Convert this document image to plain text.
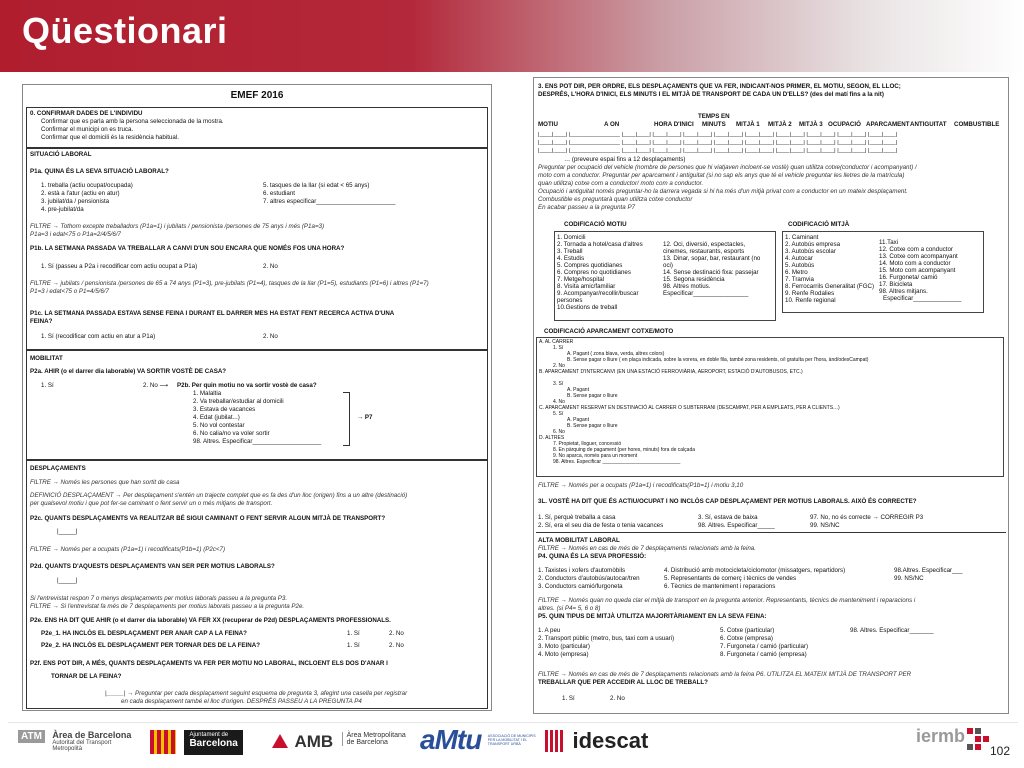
Qüestionari
EMEF 2016
0. CONFIRMAR DADES DE L'INDIVIDU
Confirmar que es parla amb la persona seleccionada de la mostra.
Confirmar el municipi on es truca.
Confirmar que el domicili és la residència habitual.
SITUACIÓ LABORAL
P1a. QUINA ÉS LA SEVA SITUACIÓ LABORAL?
1. treballa (actiu ocupat/ocupada)
2. està a l'atur (actiu en atur)
3. jubilat/da / pensionista
4. pre-jubilat/da
5. tasques de la llar (si edat < 65 anys)
6. estudiant
7. altres especificar_______________________
FILTRE → Tothom excepte treballadors (P1a=1) i jubilats / pensionista /persones de 75 anys i més (P1a=3)
P1a=3 i edat<75 o P1a=2/4/5/6/7
P1b. LA SETMANA PASSADA VA TREBALLAR A CANVI D'UN SOU ENCARA QUE NOMÉS FOS UNA HORA?
1. Sí (passeu a P2a i recodificar com actiu ocupat a P1a)	2. No
FILTRE → jubilats / pensionista /persones de 65 a 74 anys (P1=3), pre-jubilats (P1=4), tasques de la llar (P1=5), estudiants (P1=6) i altres (P1=7)
P1=3 i edat<75 o P1=4/5/6/7
P1c. LA SETMANA PASSADA ESTAVA SENSE FEINA I DURANT EL DARRER MES HA ESTAT FENT RECERCA ACTIVA D'UNA
FEINA?
1. Sí (recodificar com actiu en atur a P1a)	2. No
MOBILITAT
P2a. AHIR (o el darrer dia laborable) VA SORTIR VOSTÈ DE CASA?
1. Sí	2. No ⟶ P2b. Per quin motiu no va sortir vostè de casa?
1. Malaltia
2. Va treballar/estudiar al domicili
3. Estava de vacances
4. Edat (jubilat...)
5. No vol contestar
6. No calia/no va voler sortir
98. Altres. Especificar____________________
→ P7
DESPLAÇAMENTS
FILTRE → Només les persones que han sortit de casa
DEFINICIÓ DESPLAÇAMENT → Per desplaçament s'entén un trajecte complet que es fa des d'un lloc (origen) fins a un altre (destinació)
per qualsevol motiu i que pot fer-se caminant o fent servir un o més mitjans de transport.
P2c. QUANTS DESPLAÇAMENTS VA REALITZAR BÉ SIGUI CAMINANT O FENT SERVIR ALGUN MITJÀ DE TRANSPORT?
|_____|
FILTRE → Només per a ocupats (P1a=1) i recodificats(P1b=1) (P2c<7)
P2d. QUANTS D'AQUESTS DESPLAÇAMENTS VAN SER PER MOTIUS LABORALS?
|_____|
Si l'entrevistat respon 7 o menys desplaçaments per motius laborals passeu a la pregunta P3.
FILTRE → Si l'entrevistat fa més de 7 desplaçaments per motius laborals passeu a la pregunta P2e.
P2e. ENS HA DIT QUE AHIR (o el darrer dia laborable) VA FER XX (recuperar de P2d) DESPLAÇAMENTS PROFESSIONALS.
P2e_1. HA INCLÒS EL DESPLAÇAMENT PER ANAR CAP A LA FEINA?	1. Sí	2. No
P2e_2. HA INCLÒS EL DESPLAÇAMENT PER TORNAR DES DE LA FEINA?	1. Sí	2. No
P2f. ENS POT DIR, A MÉS, QUANTS DESPLAÇAMENTS VA FER PER MOTIU NO LABORAL, INCLOENT ELS DOS D'ANAR I
TORNAR DE LA FEINA?
|_____| → Preguntar per cada desplaçament seguint esquema de pregunta 3, afegint una casella per registrar
en cada desplaçament també el lloc d'origen. DESPRÉS PASSEU A LA PREGUNTA P4
3. ENS POT DIR, PER ORDRE, ELS DESPLAÇAMENTS QUE VA FER, INDICANT-NOS PRIMER, EL MOTIU, SEGON, EL LLOC;
DESPRÉS, L'HORA D'INICI, ELS MINUTS I EL MITJÀ DE TRANSPORT DE CADA UN D'ELLS? (des del matí fins a la nit)
TEMPS EN
MOTIU	A ON	HORA D'INICI MINUTS MITJÀ 1 MITJÀ 2 MITJÀ 3 OCUPACIÓ APARCAMENT ANTIGUITAT COMBUSTIBLE
|____|____| |________________ |____|____| |____|____| |____|____| |____|____| |____|____| |____|____| |____|____| |____|____| |____|____|
|____|____| |________________ |____|____| |____|____| |____|____| |____|____| |____|____| |____|____| |____|____| |____|____| |____|____|
|____|____| |________________ |____|____| |____|____| |____|____| |____|____| |____|____| |____|____| |____|____| |____|____| |____|____|
… (preveure espai fins a 12 desplaçaments)
Preguntar per ocupació del vehicle (nombre de persones que hi viatjaven incloent-se vostè) quan utilitza cotxe(conductor i acompanyant) /
moto com a conductor. Preguntar per aparcament i antiguitat (si no sap els anys que té el vehicle preguntar les lletres de la matrícula)
quan utilitza) cotxe com a conductor/ moto com a conductor.
Ocupació i antiguitat només preguntar-ho la darrera vegada si hi ha més d'un mitjà privat com a conductor en un mateix desplaçament.
Combustible es preguntarà quan utilitza cotxe conductor
En acabar passeu a la pregunta P7
CODIFICACIÓ MOTIU
1. Domicili
2. Tornada a hotel/casa d'altres
3. Treball
4. Estudis
5. Compres quotidianes
6. Compres no quotidianes
7. Metge/hospital
8. Visita amic/familiar
9. Acompanyar/recollir/buscar
persones
10.Gestions de treball
12. Oci, diversió, espectacles,
cinemes, restaurants, esports
13. Dinar, sopar, bar, restaurant (no
oci)
14. Sense destinació fixa: passejar
15. Segona residència
98. Altres motius.
Especificar________________
CODIFICACIÓ MITJÀ
1. Caminant
2. Autobús empresa
3. Autobús escolar
4. Autocar
5. Autobús
6. Metro
7. Tramvia
8. Ferrocarrils Generalitat (FGC)
9. Renfe Rodalies
10. Renfe regional
11.Taxi
12. Cotxe com a conductor
13. Cotxe com acompanyant
14. Moto com a conductor
15. Moto com acompanyant
16. Furgoneta/ camió
17. Bicicleta
98. Altres mitjans.
Especificar______________
CODIFICACIÓ APARCAMENT COTXE/MOTO
A. AL CARRER
1. Sí
A. Pagant ( zona blava, verda, altres colors)
B. Sense pagar o lliure ( en plaça indicada, sobre la vorera, en doble fila, també zona residents, o/i gratuïta per l'hora, ànd/odesCampat)
2. No
B. APARCAMENT D'INTERCANVI (EN UNA ESTACIÓ FERROVIÀRIA, AEROPORT, ESTACIÓ D'AUTOBUSOS, ETC.)
3. Sí
A. Pagant
B. Sense pagar o lliure
4. No
C. APARCAMENT RESERVAT EN DESTINACIÓ AL CARRER O SUBTERRANI (DESCAMPAT, PER A EMPLEATS, PER A CLIENTS…)
5. Sí
A. Pagant
B. Sense pagar o lliure
6. No
D. ALTRES
7. Propietat, lloguer, concessió
8. En pàrquing de pagament (per hores, minuts) fora de calçada
9. No aparca, només para un moment
98. Altres. Especificar ____________________________
FILTRE → Només per a ocupats (P1a=1) i recodificats(P1b=1) i motiu 3,10
3L. VOSTÈ HA DIT QUE ÉS ACTIU/OCUPAT I NO INCLÒS CAP DESPLAÇAMENT PER MOTIUS LABORALS. AIXÒ ÉS CORRECTE?
1. Sí, perquè treballa a casa
2. Sí, era el seu dia de festa o tenia vacances
3. Sí, estava de baixa
98. Altres. Especificar_____
97. No, no és correcte → CORREGIR P3
99. NS/NC
ALTA MOBILITAT LABORAL
FILTRE → Només en cas de més de 7 desplaçaments relacionats amb la feina.
P4. QUINA ÉS LA SEVA PROFESSIÓ:
1. Taxistes i xofers d'automòbils
2. Conductors d'autobús/autocar/tren
3. Conductors camió/furgoneta
4. Distribució amb motocicleta/ciclomotor (missatgers, repartidors)
5. Representants de comerç i tècnics de vendes
6. Tècnics de manteniment i reparacions
98.Altres. Especificar___
99. NS/NC
FILTRE → Només quan no queda clar el mitjà de transport en la pregunta anterior. Representants, tècnics de manteniment i reparacions i
altres. (si P4= 5, 6 o 8)
P5. QUIN TIPUS DE MITJÀ UTILITZA MAJORITÀRIAMENT EN LA SEVA FEINA:
1. A peu
2. Transport públic (metro, bus, taxi com a usuari)
3. Moto (particular)
4. Moto (empresa)
5. Cotxe (particular)
6. Cotxe (empresa)
7. Furgoneta / camió (particular)
8. Furgoneta / camió (empresa)
98. Altres. Especificar_______
FILTRE → Només en cas de més de 7 desplaçaments relacionats amb la feina P6. UTILITZA EL MATEIX MITJÀ DE TRANSPORT PER
TREBALLAR QUE PER ACCEDIR AL LLOC DE TREBALL?
1. Sí	2. No
ATM Àrea de Barcelona
Autoritat del Transport
Metropolità

Ajuntament de
Barcelona	AMB Àrea Metropolitana
de Barcelona	aMtu ASSOCIACIÓ DE MUNICIPIS PER LA MOBILITAT I EL TRANSPORT URBÀ	idescat	iermb
102
